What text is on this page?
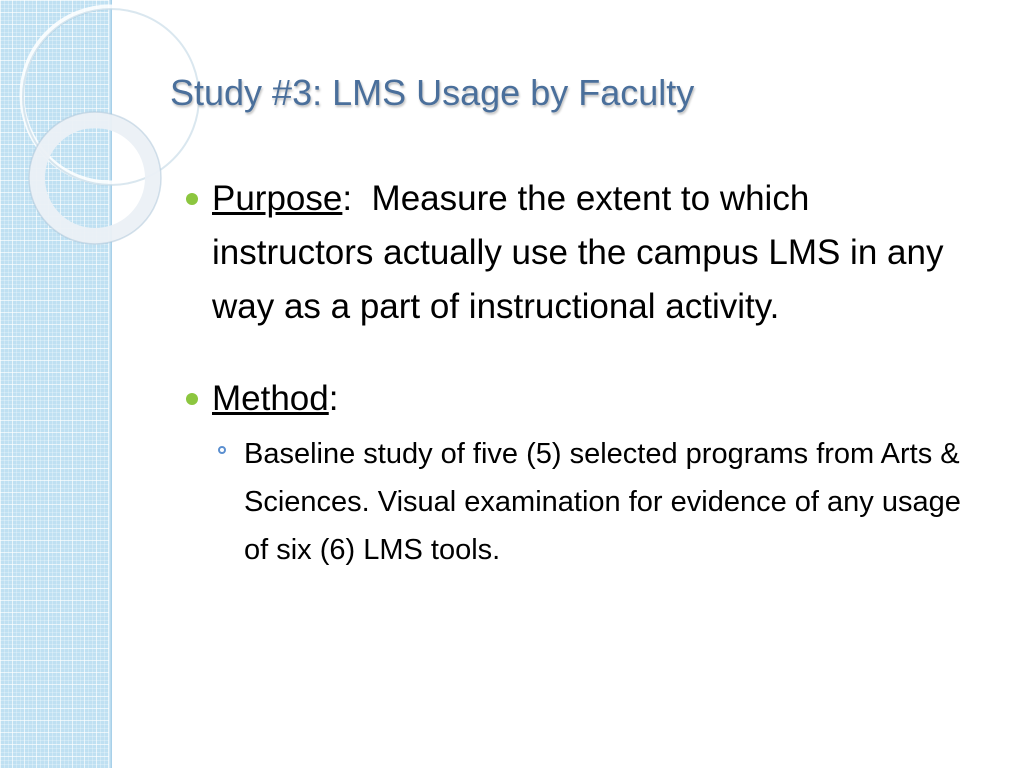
Study #3: LMS Usage by Faculty
Purpose:  Measure the extent to which instructors actually use the campus LMS in any way as a part of instructional activity.
Method:
Baseline study of five (5) selected programs from Arts & Sciences. Visual examination for evidence of any usage of six (6) LMS tools.
